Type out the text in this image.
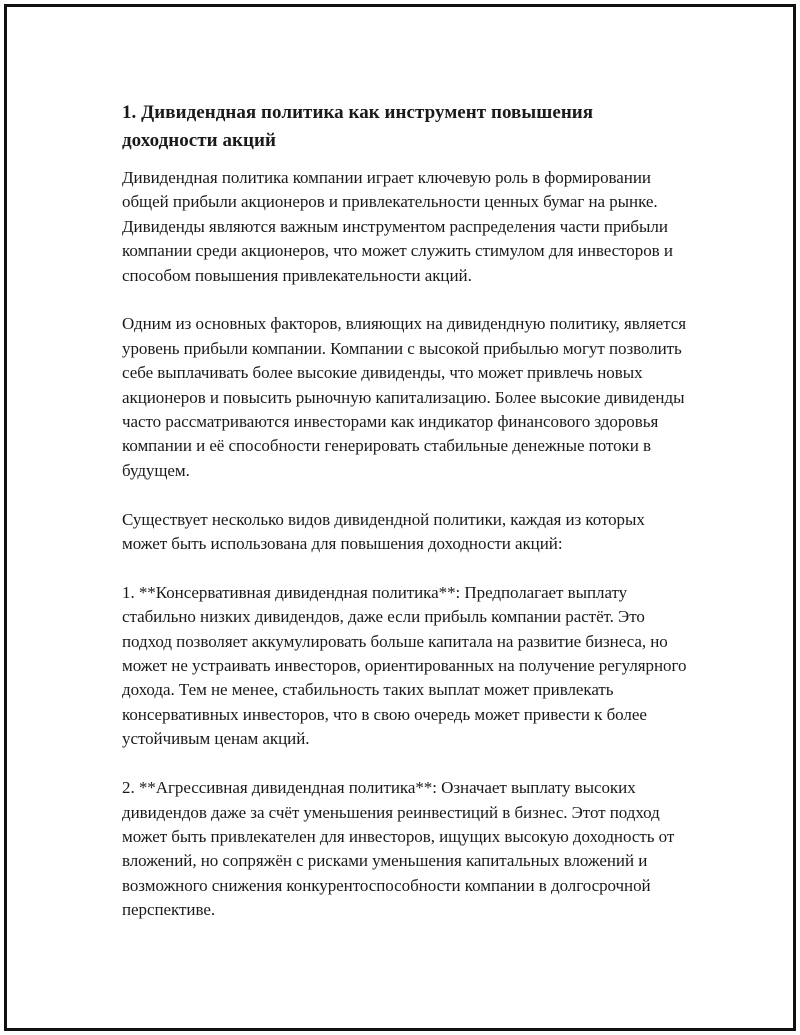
1. Дивидендная политика как инструмент повышения доходности акций

Дивидендная политика компании играет ключевую роль в формировании общей прибыли акционеров и привлекательности ценных бумаг на рынке. Дивиденды являются важным инструментом распределения части прибыли компании среди акционеров, что может служить стимулом для инвесторов и способом повышения привлекательности акций.

Одним из основных факторов, влияющих на дивидендную политику, является уровень прибыли компании. Компании с высокой прибылью могут позволить себе выплачивать более высокие дивиденды, что может привлечь новых акционеров и повысить рыночную капитализацию. Более высокие дивиденды часто рассматриваются инвесторами как индикатор финансового здоровья компании и её способности генерировать стабильные денежные потоки в будущем.

Существует несколько видов дивидендной политики, каждая из которых может быть использована для повышения доходности акций:

1. **Консервативная дивидендная политика**: Предполагает выплату стабильно низких дивидендов, даже если прибыль компании растёт. Это подход позволяет аккумулировать больше капитала на развитие бизнеса, но может не устраивать инвесторов, ориентированных на получение регулярного дохода. Тем не менее, стабильность таких выплат может привлекать консервативных инвесторов, что в свою очередь может привести к более устойчивым ценам акций.

2. **Агрессивная дивидендная политика**: Означает выплату высоких дивидендов даже за счёт уменьшения реинвестиций в бизнес. Этот подход может быть привлекателен для инвесторов, ищущих высокую доходность от вложений, но сопряжён с рисками уменьшения капитальных вложений и возможного снижения конкурентоспособности компании в долгосрочной перспективе.
